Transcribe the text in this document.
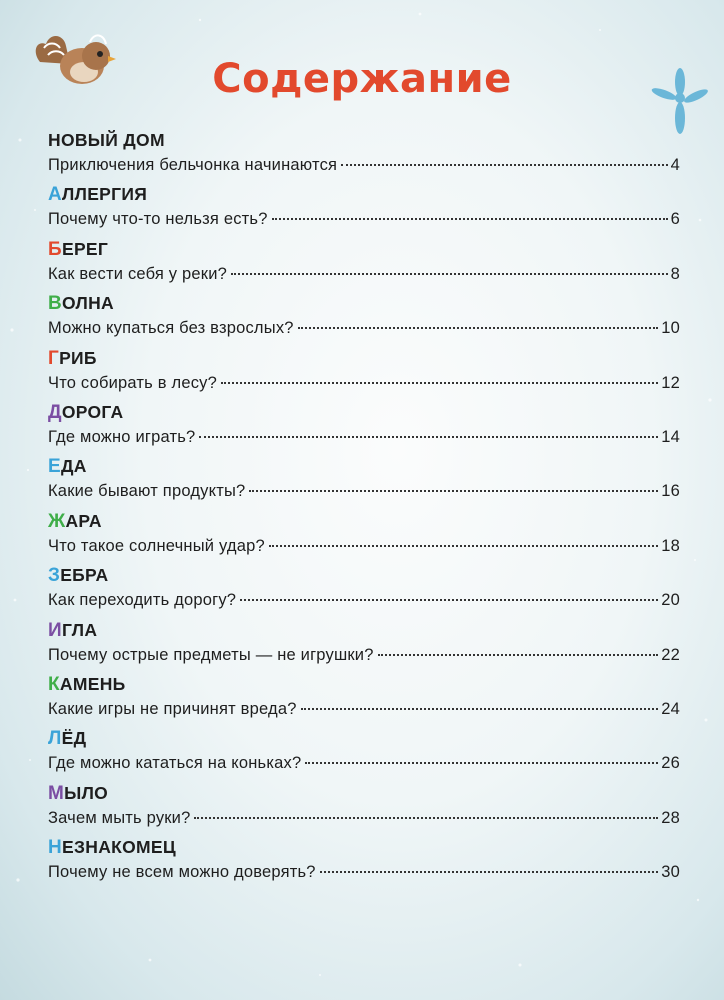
Содержание
НОВЫЙ ДОМ
Приключения бельчонка начинаются	4
АЛЛЕРГИЯ
Почему что-то нельзя есть?	6
БЕРЕГ
Как вести себя у реки?	8
ВОЛНА
Можно купаться без взрослых?	10
ГРИБ
Что собирать в лесу?	12
ДОРОГА
Где можно играть?	14
ЕДА
Какие бывают продукты?	16
ЖАРА
Что такое солнечный удар?	18
ЗЕБРА
Как переходить дорогу?	20
ИГЛА
Почему острые предметы — не игрушки?	22
КАМЕНЬ
Какие игры не причинят вреда?	24
ЛЁД
Где можно кататься на коньках?	26
МЫЛО
Зачем мыть руки?	28
НЕЗНАКОМЕЦ
Почему не всем можно доверять?	30
